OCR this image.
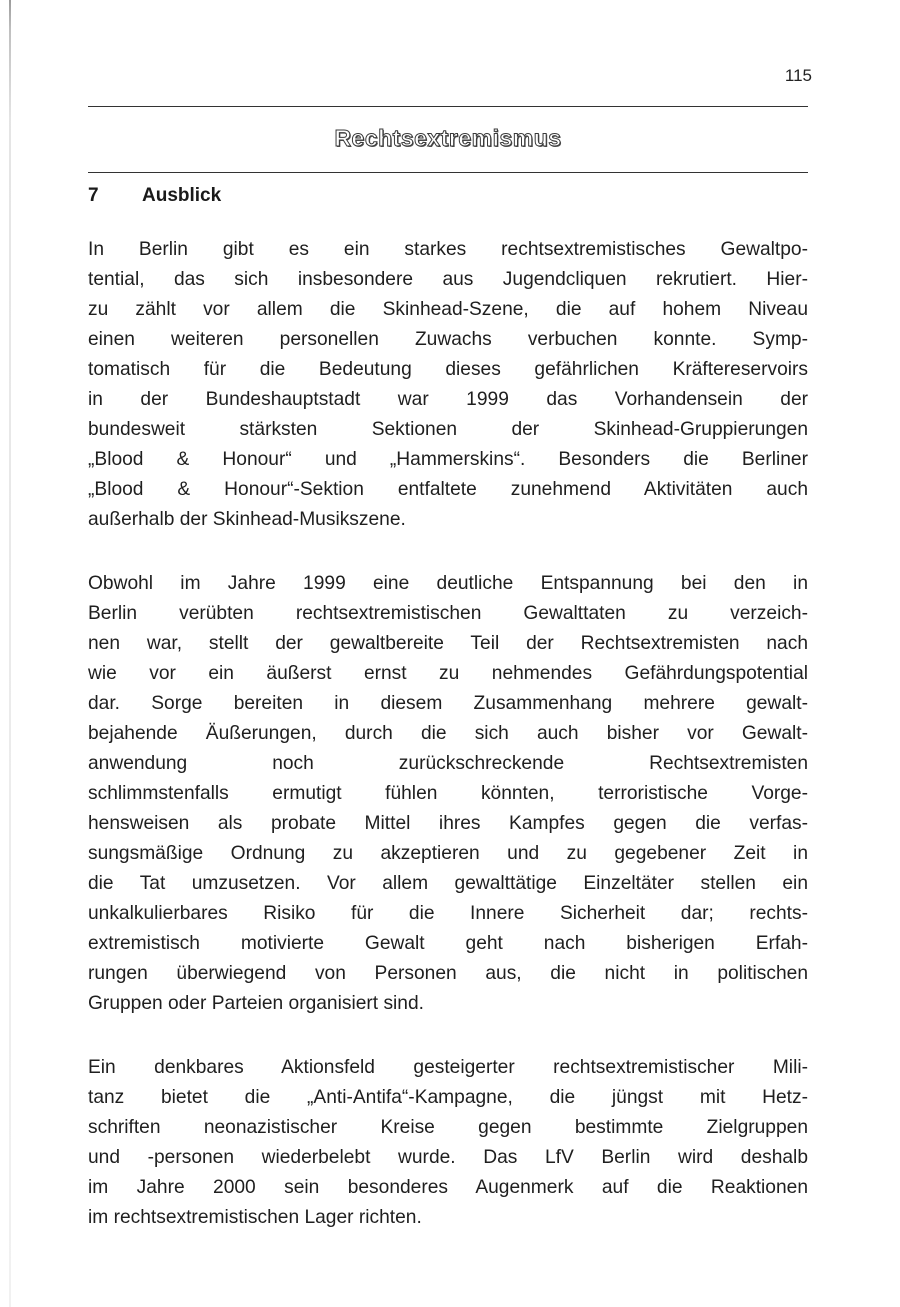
115
Rechtsextremismus
7 Ausblick

In Berlin gibt es ein starkes rechtsextremistisches Gewaltpo-
tential, das sich insbesondere aus Jugendcliquen rekrutiert. Hier-
zu zählt vor allem die Skinhead-Szene, die auf hohem Niveau
einen weiteren personellen Zuwachs verbuchen konnte. Symp-
tomatisch für die Bedeutung dieses gefährlichen Kräftereservoirs
in der Bundeshauptstadt war 1999 das Vorhandensein der
bundesweit stärksten Sektionen der Skinhead-Gruppierungen
„Blood & Honour“ und „Hammerskins“. Besonders die Berliner
„Blood & Honour“-Sektion entfaltete zunehmend Aktivitäten auch
außerhalb der Skinhead-Musikszene.

Obwohl im Jahre 1999 eine deutliche Entspannung bei den in
Berlin verübten rechtsextremistischen Gewalttaten zu verzeich-
nen war, stellt der gewaltbereite Teil der Rechtsextremisten nach
wie vor ein äußerst ernst zu nehmendes Gefährdungspotential
dar. Sorge bereiten in diesem Zusammenhang mehrere gewalt-
bejahende Äußerungen, durch die sich auch bisher vor Gewalt-
anwendung noch zurückschreckende Rechtsextremisten
schlimmstenfalls ermutigt fühlen könnten, terroristische Vorge-
hensweisen als probate Mittel ihres Kampfes gegen die verfas-
sungsmäßige Ordnung zu akzeptieren und zu gegebener Zeit in
die Tat umzusetzen. Vor allem gewalttätige Einzeltäter stellen ein
unkalkulierbares Risiko für die Innere Sicherheit dar; rechts-
extremistisch motivierte Gewalt geht nach bisherigen Erfah-
rungen überwiegend von Personen aus, die nicht in politischen
Gruppen oder Parteien organisiert sind.

Ein denkbares Aktionsfeld gesteigerter rechtsextremistischer Mili-
tanz bietet die „Anti-Antifa“-Kampagne, die jüngst mit Hetz-
schriften neonazistischer Kreise gegen bestimmte Zielgruppen
und -personen wiederbelebt wurde. Das LfV Berlin wird deshalb
im Jahre 2000 sein besonderes Augenmerk auf die Reaktionen
im rechtsextremistischen Lager richten.
